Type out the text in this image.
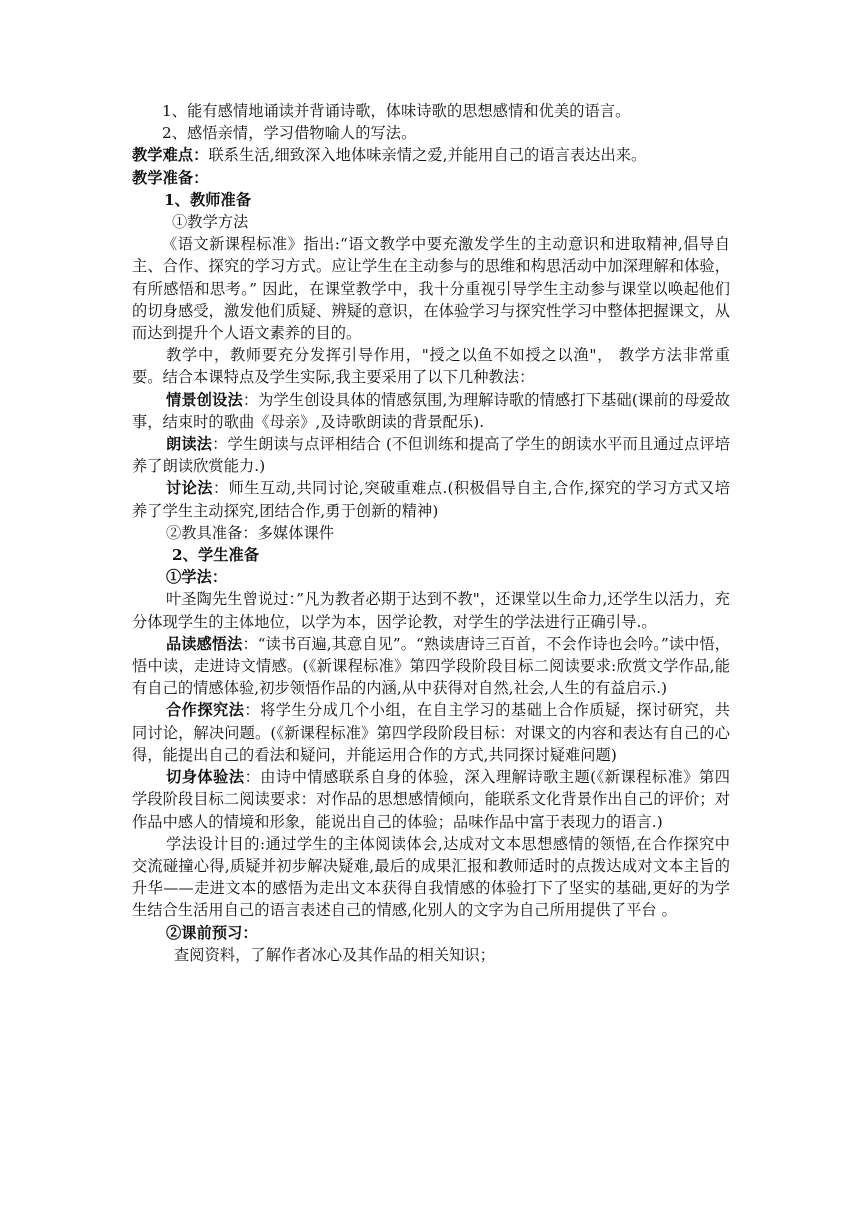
1、能有感情地诵读并背诵诗歌，体味诗歌的思想感情和优美的语言。

2、感悟亲情，学习借物喻人的写法。

教学难点：联系生活,细致深入地体味亲情之爱,并能用自己的语言表达出来。

教学准备：

1、教师准备

①教学方法

《语文新课程标准》指出:“语文教学中要充激发学生的主动意识和进取精神,倡导自主、合作、探究的学习方式。应让学生在主动参与的思维和构思活动中加深理解和体验，有所感悟和思考。” 因此，在课堂教学中，我十分重视引导学生主动参与课堂以唤起他们的切身感受，激发他们质疑、辨疑的意识，在体验学习与探究性学习中整体把握课文，从而达到提升个人语文素养的目的。

教学中，教师要充分发挥引导作用，"授之以鱼不如授之以渔"， 教学方法非常重要。结合本课特点及学生实际,我主要采用了以下几种教法：

情景创设法：为学生创设具体的情感氛围,为理解诗歌的情感打下基础(课前的母爱故事，结束时的歌曲《母亲》,及诗歌朗读的背景配乐).

朗读法：学生朗读与点评相结合 (不但训练和提高了学生的朗读水平而且通过点评培养了朗读欣赏能力.)

讨论法：师生互动,共同讨论,突破重难点.(积极倡导自主,合作,探究的学习方式又培养了学生主动探究,团结合作,勇于创新的精神)

②教具准备：多媒体课件

2、学生准备

①学法：

叶圣陶先生曾说过：”凡为教者必期于达到不教"，还课堂以生命力,还学生以活力，充分体现学生的主体地位，以学为本，因学论教，对学生的学法进行正确引导.。

品读感悟法：“读书百遍,其意自见”。“熟读唐诗三百首，不会作诗也会吟。”读中悟，悟中读，走进诗文情感。(《新课程标准》第四学段阶段目标二阅读要求:欣赏文学作品,能有自己的情感体验,初步领悟作品的内涵,从中获得对自然,社会,人生的有益启示.)

合作探究法：将学生分成几个小组，在自主学习的基础上合作质疑，探讨研究，共同讨论，解决问题。(《新课程标准》第四学段阶段目标：对课文的内容和表达有自己的心得，能提出自己的看法和疑问，并能运用合作的方式,共同探讨疑难问题)

切身体验法：由诗中情感联系自身的体验，深入理解诗歌主题(《新课程标准》第四学段阶段目标二阅读要求：对作品的思想感情倾向，能联系文化背景作出自己的评价；对作品中感人的情境和形象，能说出自己的体验；品味作品中富于表现力的语言.)

学法设计目的:通过学生的主体阅读体会,达成对文本思想感情的领悟,在合作探究中交流碰撞心得,质疑并初步解决疑难,最后的成果汇报和教师适时的点拨达成对文本主旨的升华——走进文本的感悟为走出文本获得自我情感的体验打下了坚实的基础,更好的为学生结合生活用自己的语言表述自己的情感,化别人的文字为自己所用提供了平台 。

②课前预习：

查阅资料，了解作者冰心及其作品的相关知识；
